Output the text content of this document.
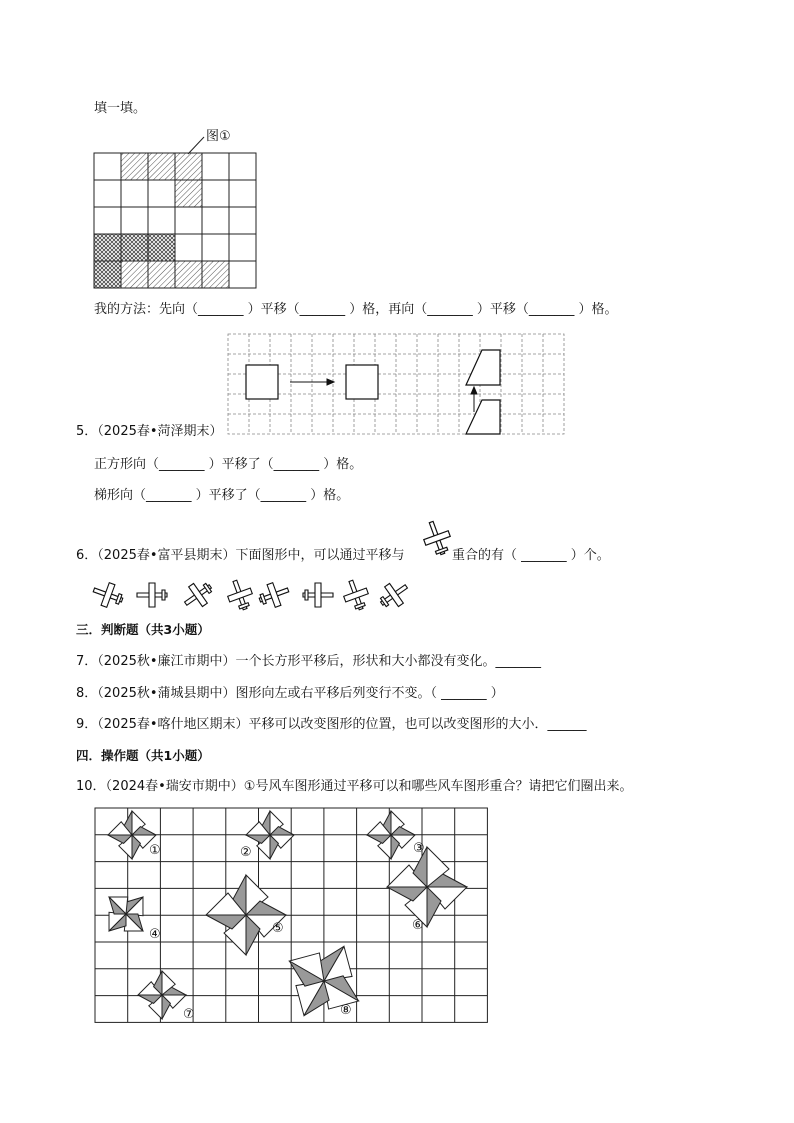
填一填。
图①
我的方法：先向（_______ ）平移（_______ ）格，再向（_______ ）平移（_______ ）格。
5．（2025春•菏泽期末）
正方形向（_______ ）平移了（_______ ）格。
梯形向（_______ ）平移了（_______ ）格。
6．（2025春•富平县期末）下面图形中，可以通过平移与	重合的有（ _______ ）个。
三．判断题（共3小题）
7．（2025秋•廉江市期中）一个长方形平移后，形状和大小都没有变化。_______
8．（2025秋•蒲城县期中）图形向左或右平移后列变行不变。（ _______ ）
9．（2025春•喀什地区期末）平移可以改变图形的位置，也可以改变图形的大小．______
四．操作题（共1小题）
10．（2024春•瑞安市期中）①号风车图形通过平移可以和哪些风车图形重合？请把它们圈出来。
①	②	③
④	⑤	⑥
⑦	⑧
